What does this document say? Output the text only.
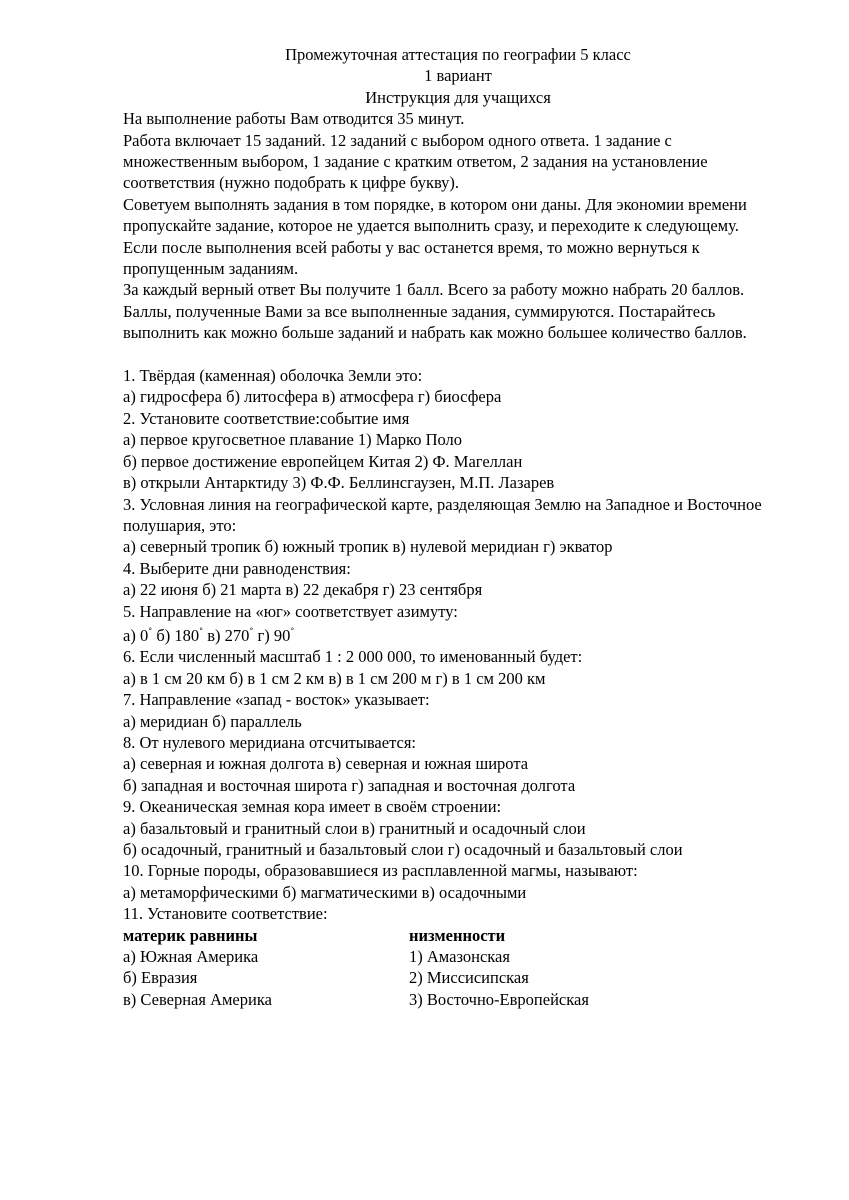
Промежуточная аттестация по географии 5 класс
1 вариант
Инструкция для учащихся
На выполнение работы Вам отводится 35 минут.
Работа включает 15 заданий. 12 заданий с выбором одного ответа. 1 задание с
множественным выбором, 1 задание с кратким ответом, 2 задания на установление
соответствия (нужно подобрать к цифре букву).
Советуем выполнять задания в том порядке, в котором они даны. Для экономии времени
пропускайте задание, которое не удается выполнить сразу, и переходите к следующему.
Если после выполнения всей работы у вас останется время, то можно вернуться к
пропущенным заданиям.
За каждый верный ответ Вы получите 1 балл. Всего за работу можно набрать 20 баллов.
Баллы, полученные Вами за все выполненные задания, суммируются. Постарайтесь
выполнить как можно больше заданий и набрать как можно большее количество баллов.
1. Твёрдая (каменная) оболочка Земли это:
а) гидросфера б) литосфера в) атмосфера г) биосфера
2. Установите соответствие:событие имя
а) первое кругосветное плавание 1) Марко Поло
б) первое достижение европейцем Китая 2) Ф. Магеллан
в) открыли Антарктиду 3) Ф.Ф. Беллинсгаузен, М.П. Лазарев
3. Условная линия на географической карте, разделяющая Землю на Западное и Восточное
полушария, это:
а) северный тропик б) южный тропик в) нулевой меридиан г) экватор
4. Выберите дни равноденствия:
а) 22 июня б) 21 марта в) 22 декабря г) 23 сентября
5. Направление на «юг» соответствует азимуту:
а) 0˚ б) 180˚ в) 270˚ г) 90˚
6. Если численный масштаб 1 : 2 000 000, то именованный будет:
а) в 1 см 20 км б) в 1 см 2 км в) в 1 см 200 м г) в 1 см 200 км
7. Направление «запад - восток» указывает:
а) меридиан б) параллель
8. От нулевого меридиана отсчитывается:
а) северная и южная долгота в) северная и южная широта
б) западная и восточная широта г) западная и восточная долгота
9. Океаническая земная кора имеет в своём строении:
а) базальтовый и гранитный слои в) гранитный и осадочный слои
б) осадочный, гранитный и базальтовый слои г) осадочный и базальтовый слои
10. Горные породы, образовавшиеся из расплавленной магмы, называют:
а) метаморфическими б) магматическими в) осадочными
11. Установите соответствие:
материк равнины	низменности
а) Южная Америка	1) Амазонская
б) Евразия	2) Миссисипская
в) Северная Америка	3) Восточно-Европейская
